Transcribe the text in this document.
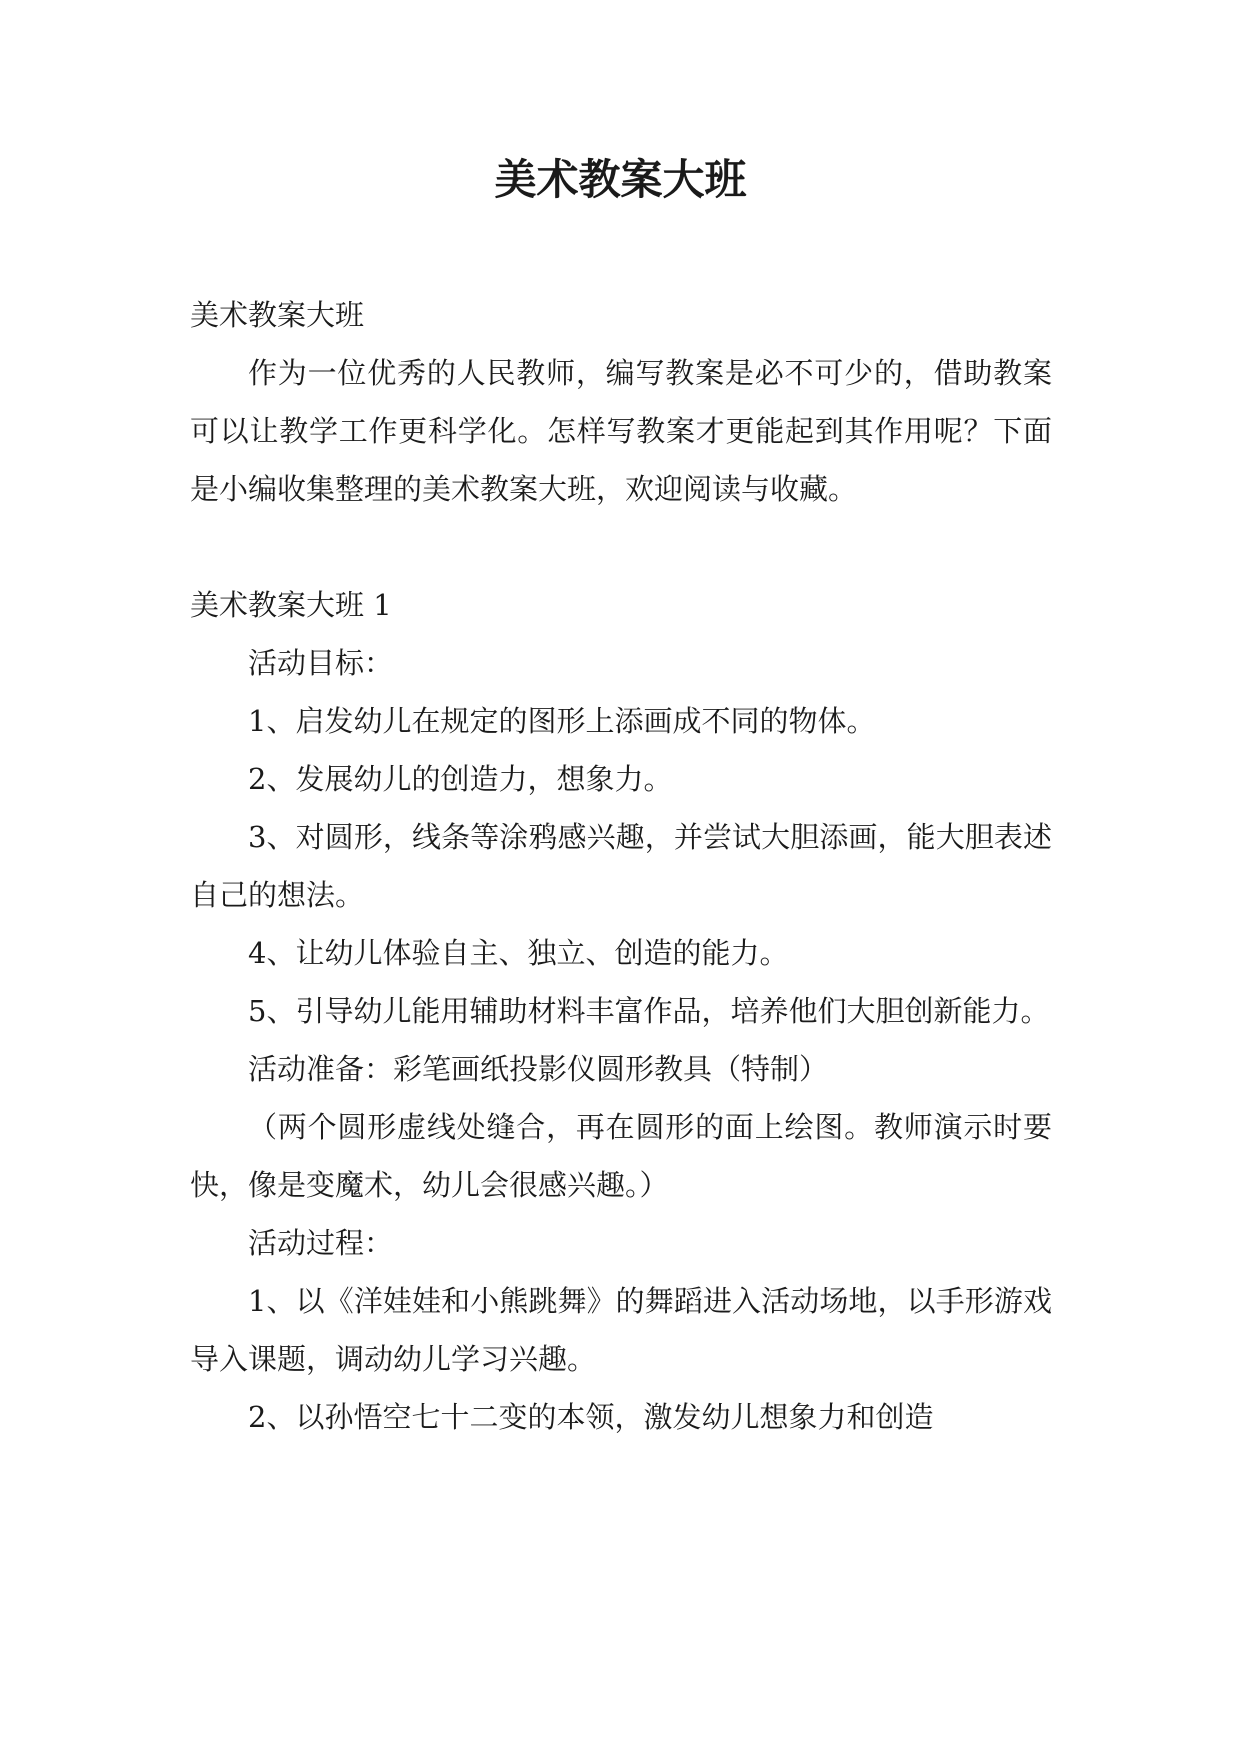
美术教案大班

美术教案大班

作为一位优秀的人民教师，编写教案是必不可少的，借助教案可以让教学工作更科学化。怎样写教案才更能起到其作用呢？下面是小编收集整理的美术教案大班，欢迎阅读与收藏。

美术教案大班 1

活动目标：

1、启发幼儿在规定的图形上添画成不同的物体。

2、发展幼儿的创造力，想象力。

3、对圆形，线条等涂鸦感兴趣，并尝试大胆添画，能大胆表述自己的想法。

4、让幼儿体验自主、独立、创造的能力。

5、引导幼儿能用辅助材料丰富作品，培养他们大胆创新能力。

活动准备：彩笔画纸投影仪圆形教具（特制）

（两个圆形虚线处缝合，再在圆形的面上绘图。教师演示时要快，像是变魔术，幼儿会很感兴趣。）

活动过程：

1、以《洋娃娃和小熊跳舞》的舞蹈进入活动场地，以手形游戏导入课题，调动幼儿学习兴趣。

2、以孙悟空七十二变的本领，激发幼儿想象力和创造
